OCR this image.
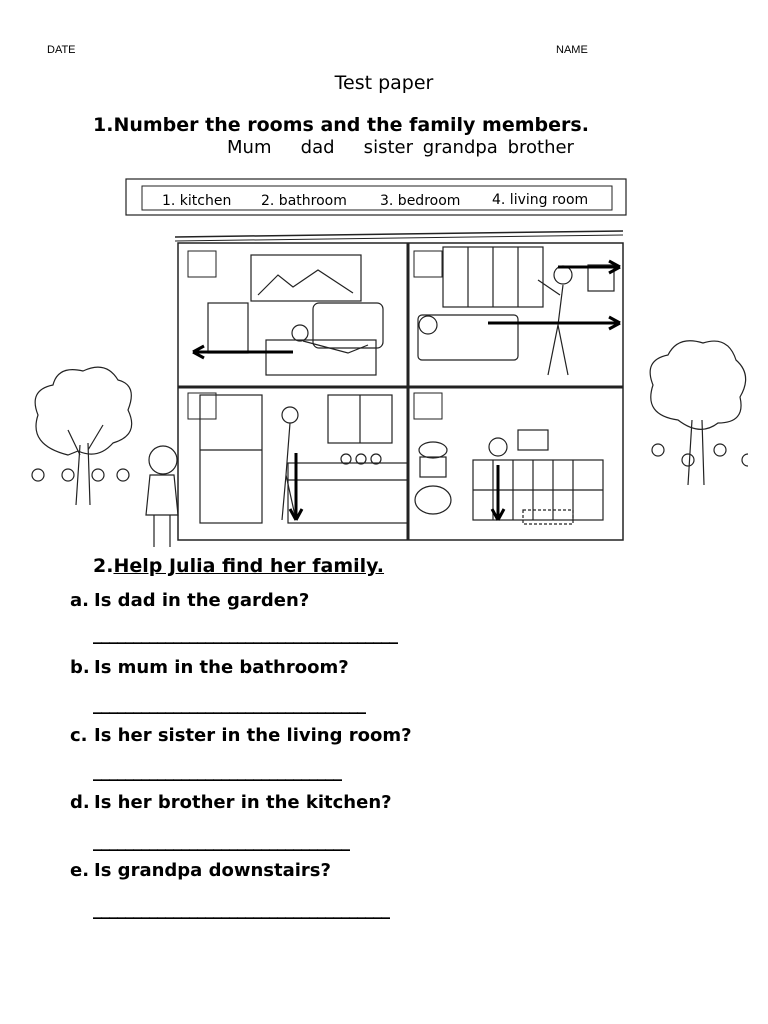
DATE	NAME
Test paper
1.Number the rooms and the family members.
Mum   dad   sister grandpa brother
1. kitchen 2. bathroom 3. bedroom 4. living room
2.Help Julia find her family.
a. Is dad in the garden?
______________________________________
b. Is mum in the bathroom?
__________________________________
c. Is her sister in the living room?
_______________________________
d. Is her brother in the kitchen?
________________________________
e. Is grandpa downstairs?
_____________________________________
